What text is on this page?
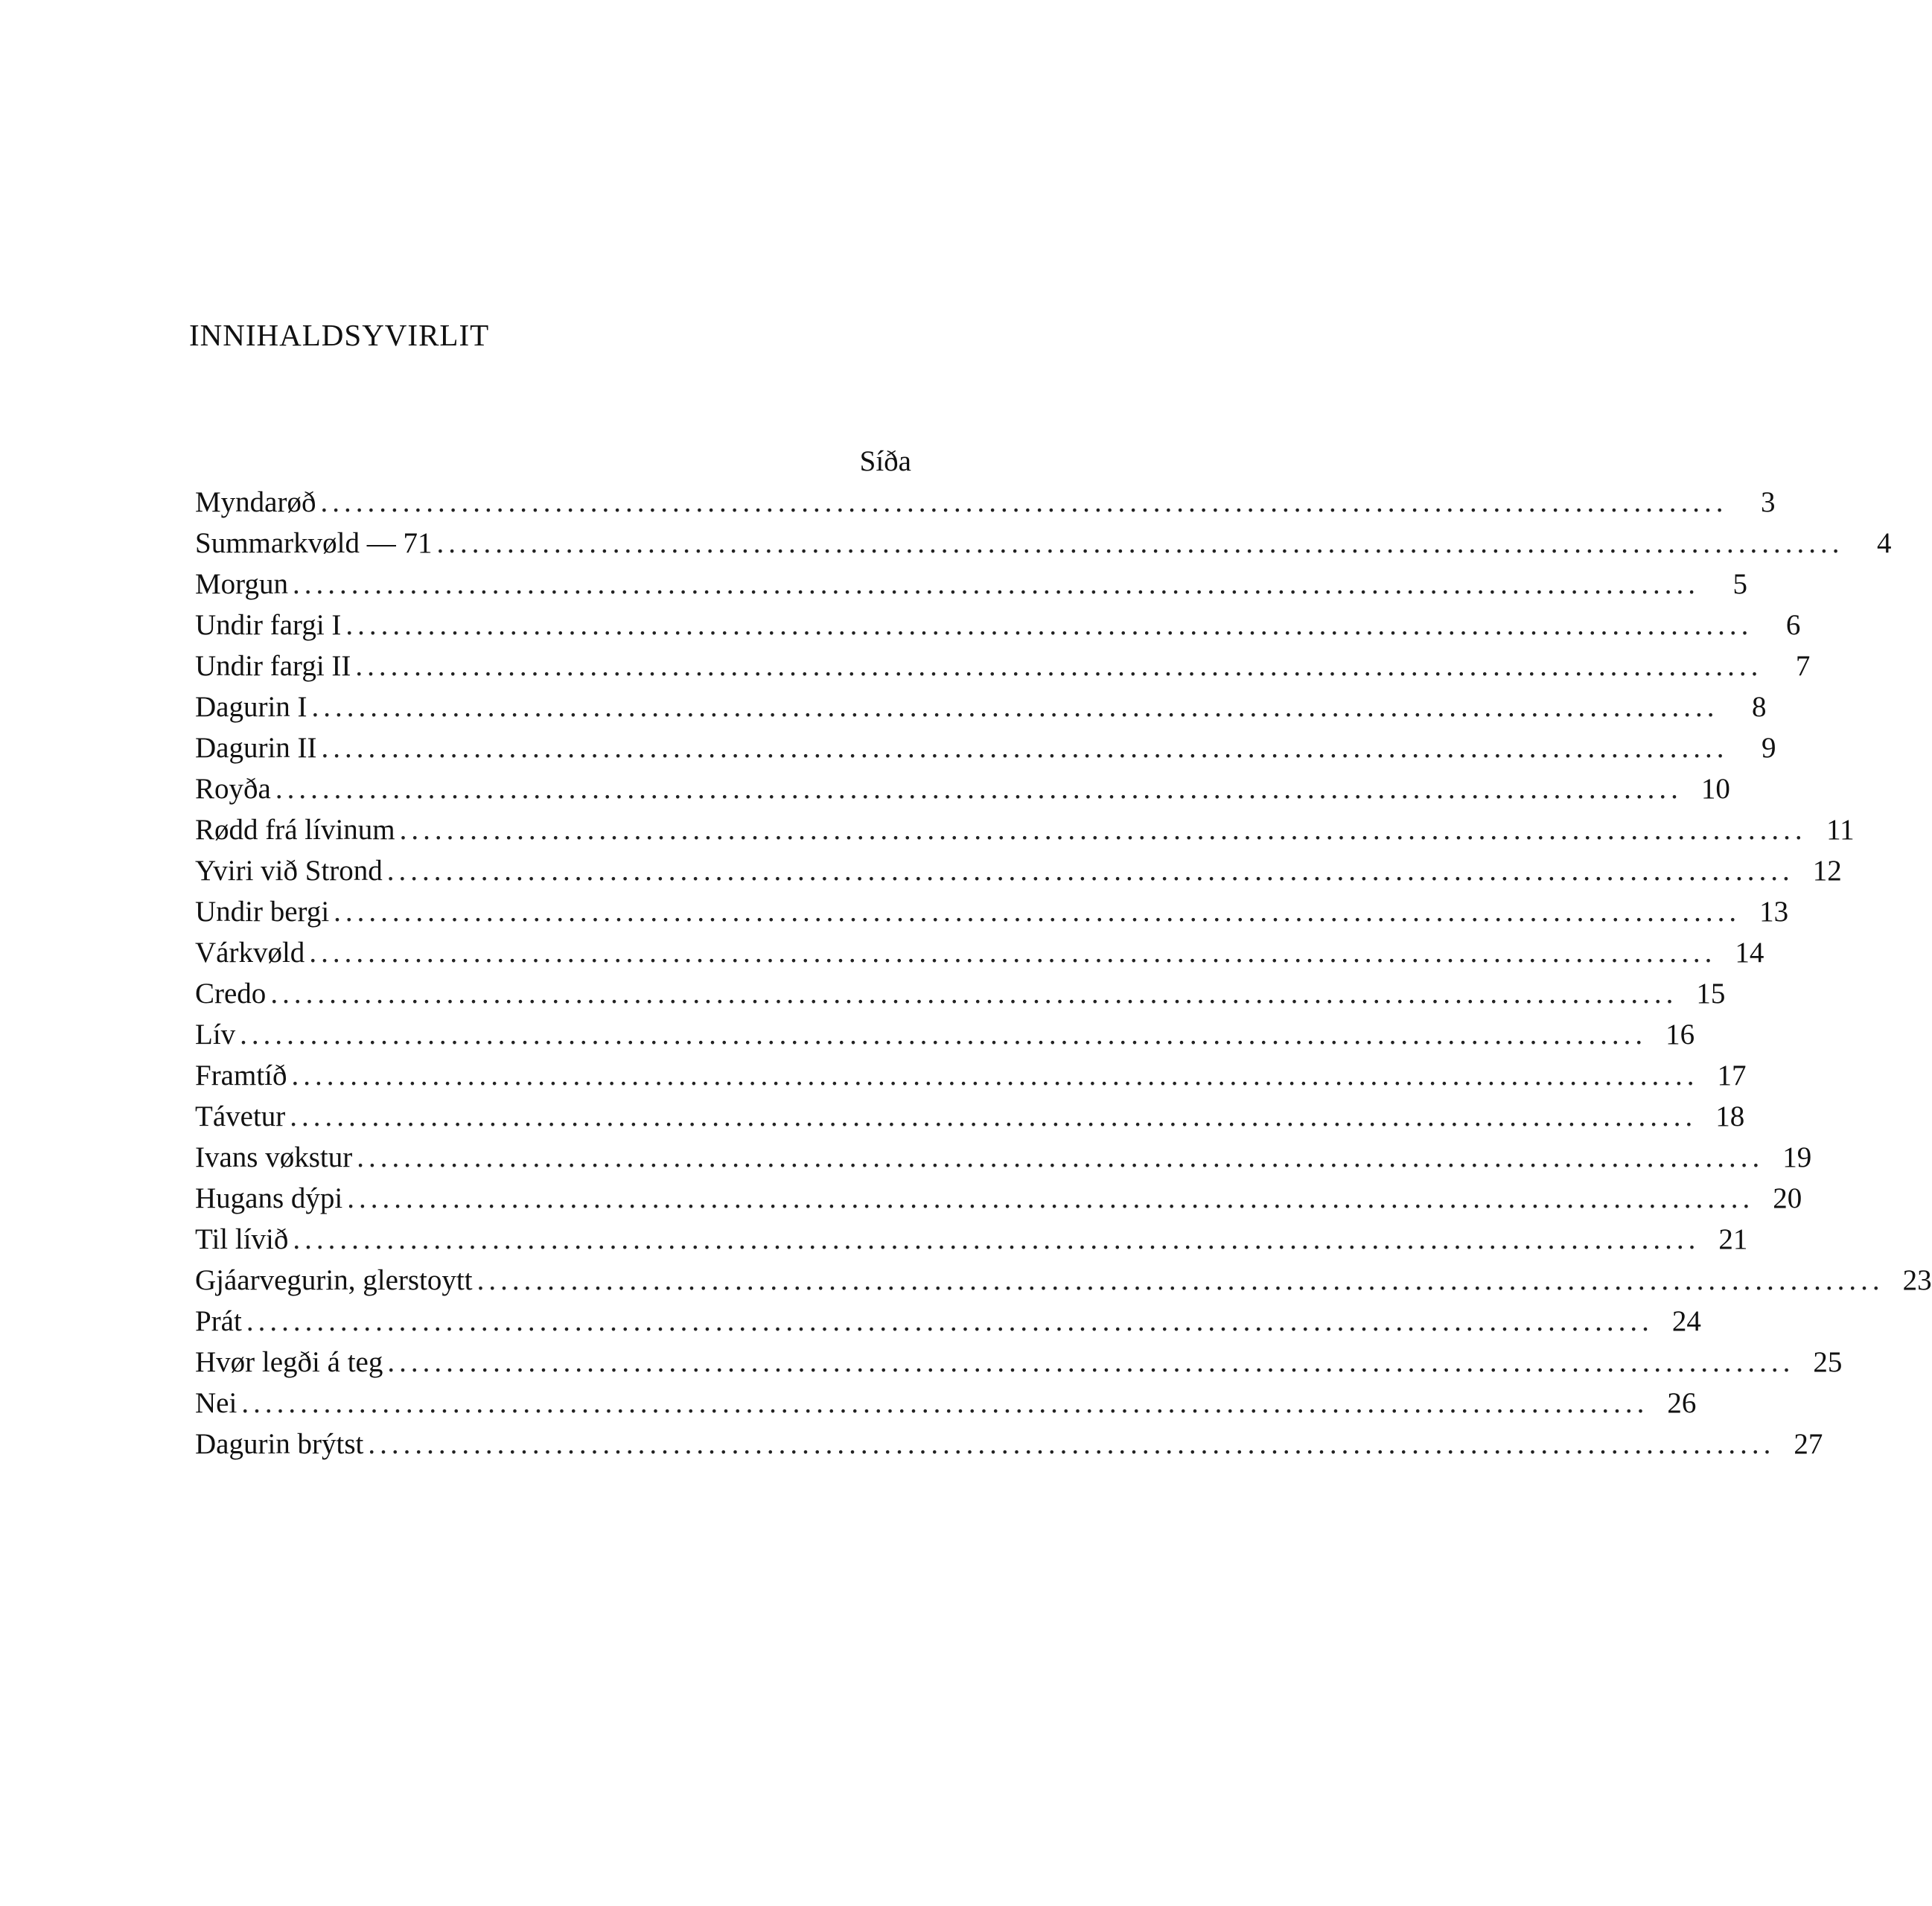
INNIHALDSYVIRLIT
Síða
Myndarøð ........................................................................................................................	3
Summarkvøld — 71 ........................................................................................................................	4
Morgun ........................................................................................................................	5
Undir fargi I ........................................................................................................................	6
Undir fargi II ........................................................................................................................	7
Dagurin I ........................................................................................................................	8
Dagurin II ........................................................................................................................	9
Royða ........................................................................................................................ 10
Rødd frá lívinum ........................................................................................................................ 11
Yviri við Strond ........................................................................................................................ 12
Undir bergi ........................................................................................................................ 13
Várkvøld ........................................................................................................................ 14
Credo ........................................................................................................................ 15
Lív ........................................................................................................................ 16
Framtíð ........................................................................................................................ 17
Távetur ........................................................................................................................ 18
Ivans vøkstur ........................................................................................................................ 19
Hugans dýpi ........................................................................................................................ 20
Til lívið ........................................................................................................................ 21
Gjáarvegurin, glerstoytt ........................................................................................................................ 23
Prát ........................................................................................................................ 24
Hvør legði á teg ........................................................................................................................ 25
Nei ........................................................................................................................ 26
Dagurin brýtst ........................................................................................................................ 27
